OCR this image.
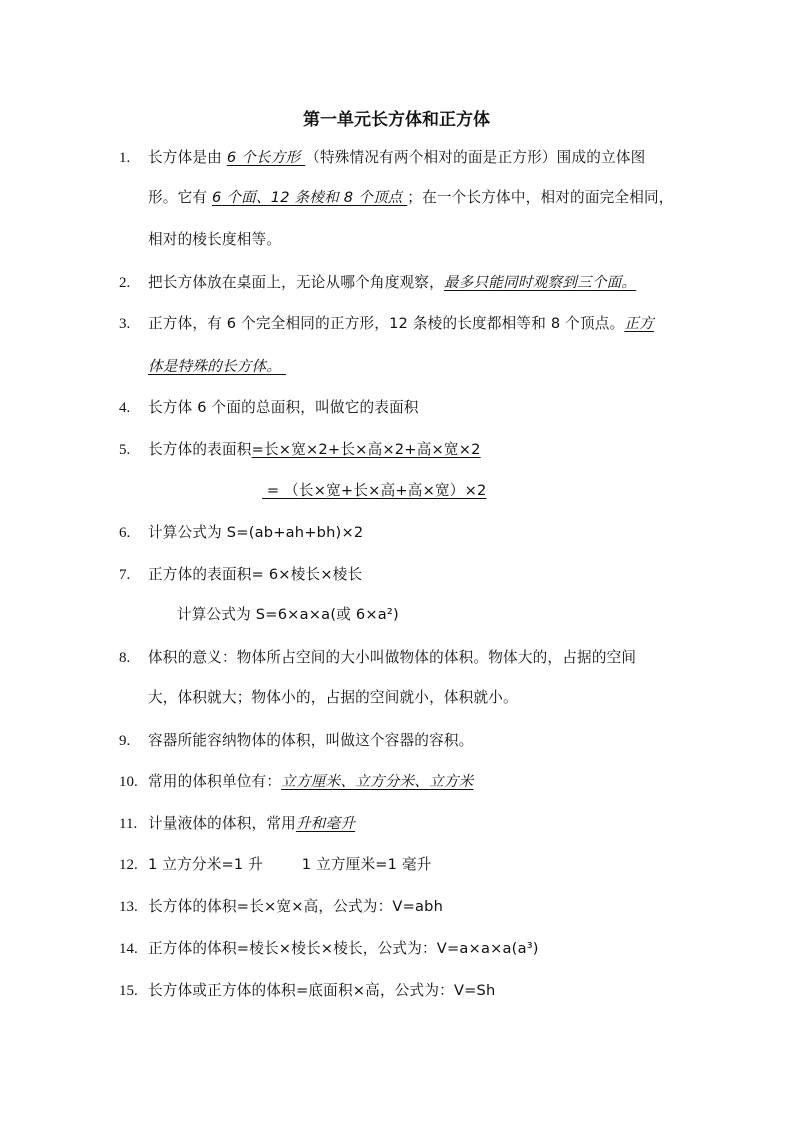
第一单元长方体和正方体
1. 长方体是由 6 个长方形 （特殊情况有两个相对的面是正方形）围成的立体图
形。它有 6 个面、12 条棱和 8 个顶点 ；在一个长方体中，相对的面完全相同，
相对的棱长度相等。
2. 把长方体放在桌面上，无论从哪个角度观察，最多只能同时观察到三个面。
3. 正方体，有 6 个完全相同的正方形，12 条棱的长度都相等和 8 个顶点。正方
体是特殊的长方体。
4. 长方体 6 个面的总面积，叫做它的表面积
5. 长方体的表面积=长×宽×2+长×高×2+高×宽×2
= （长×宽+长×高+高×宽）×2
6. 计算公式为 S=(ab+ah+bh)×2
7. 正方体的表面积= 6×棱长×棱长
计算公式为 S=6×a×a(或 6×a²)
8. 体积的意义：物体所占空间的大小叫做物体的体积。物体大的，占据的空间
大，体积就大；物体小的，占据的空间就小，体积就小。
9. 容器所能容纳物体的体积，叫做这个容器的容积。
10. 常用的体积单位有：立方厘米、立方分米、立方米
11. 计量液体的体积，常用升和毫升
12. 1 立方分米=1 升        1 立方厘米=1 毫升
13. 长方体的体积=长×宽×高，公式为：V=abh
14. 正方体的体积=棱长×棱长×棱长，公式为：V=a×a×a(a³)
15. 长方体或正方体的体积=底面积×高，公式为：V=Sh
